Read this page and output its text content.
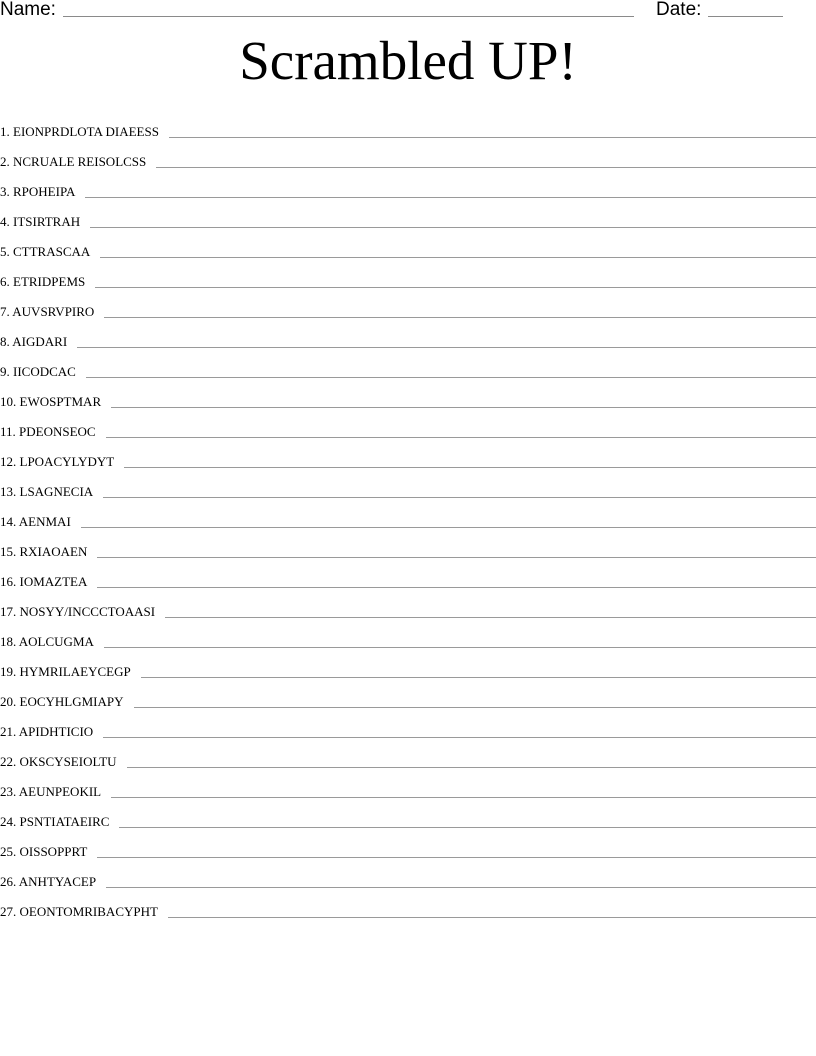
Name:	Date:
Scrambled UP!
1. EIONPRDLOTA DIAEESS
2. NCRUALE REISOLCSS
3. RPOHEIPA
4. ITSIRTRAH
5. CTTRASCAA
6. ETRIDPEMS
7. AUVSRVPIRO
8. AIGDARI
9. IICODCAC
10. EWOSPTMAR
11. PDEONSEOC
12. LPOACYLYDYT
13. LSAGNECIA
14. AENMAI
15. RXIAOAEN
16. IOMAZTEA
17. NOSYY/INCCCTOAASI
18. AOLCUGMA
19. HYMRILAEYCEGP
20. EOCYHLGMIAPY
21. APIDHTICIO
22. OKSCYSEIOLTU
23. AEUNPEOKIL
24. PSNTIATAEIRC
25. OISSOPPRT
26. ANHTYACEP
27. OEONTOMRIBACYPHT
